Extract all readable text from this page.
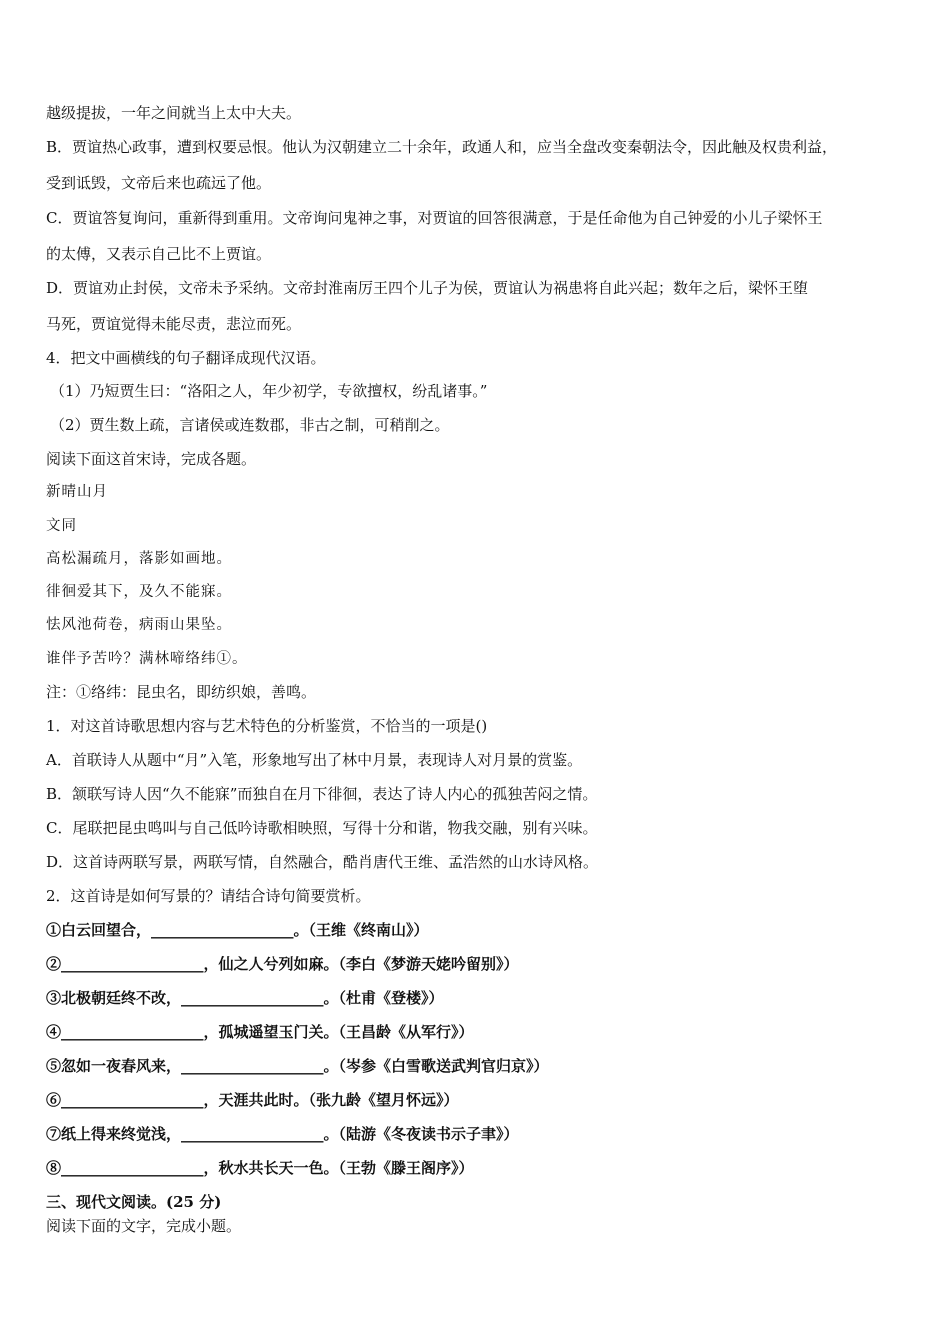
越级提拔，一年之间就当上太中大夫。
B．贾谊热心政事，遭到权要忌恨。他认为汉朝建立二十余年，政通人和，应当全盘改变秦朝法令，因此触及权贵利益，
受到诋毁，文帝后来也疏远了他。
C．贾谊答复询问，重新得到重用。文帝询问鬼神之事，对贾谊的回答很满意，于是任命他为自己钟爱的小儿子梁怀王
的太傅，又表示自己比不上贾谊。
D．贾谊劝止封侯，文帝未予采纳。文帝封淮南厉王四个儿子为侯，贾谊认为祸患将自此兴起；数年之后，梁怀王堕
马死，贾谊觉得未能尽责，悲泣而死。
4．把文中画横线的句子翻译成现代汉语。
（1）乃短贾生曰：“洛阳之人，年少初学，专欲擅权，纷乱诸事。”
（2）贾生数上疏，言诸侯或连数郡，非古之制，可稍削之。
阅读下面这首宋诗，完成各题。
新晴山月
文同
高松漏疏月，落影如画地。
徘徊爱其下，及久不能寐。
怯风池荷卷，病雨山果坠。
谁伴予苦吟？满林啼络纬①。
注：①络纬：昆虫名，即纺织娘，善鸣。
1．对这首诗歌思想内容与艺术特色的分析鉴赏，不恰当的一项是()
A．首联诗人从题中“月”入笔，形象地写出了林中月景，表现诗人对月景的赏鉴。
B．颔联写诗人因“久不能寐”而独自在月下徘徊，表达了诗人内心的孤独苦闷之情。
C．尾联把昆虫鸣叫与自己低吟诗歌相映照，写得十分和谐，物我交融，别有兴味。
D．这首诗两联写景，两联写情，自然融合，酷肖唐代王维、孟浩然的山水诗风格。
2．这首诗是如何写景的？请结合诗句简要赏析。
①白云回望合，___________________。（王维《终南山》）
②___________________，仙之人兮列如麻。（李白《梦游天姥吟留别》）
③北极朝廷终不改，___________________。（杜甫《登楼》）
④___________________，孤城遥望玉门关。（王昌龄《从军行》）
⑤忽如一夜春风来，___________________。（岑参《白雪歌送武判官归京》）
⑥___________________，天涯共此时。（张九龄《望月怀远》）
⑦纸上得来终觉浅，___________________。（陆游《冬夜读书示子聿》）
⑧___________________，秋水共长天一色。（王勃《滕王阁序》）
三、现代文阅读。(25 分)
阅读下面的文字，完成小题。
